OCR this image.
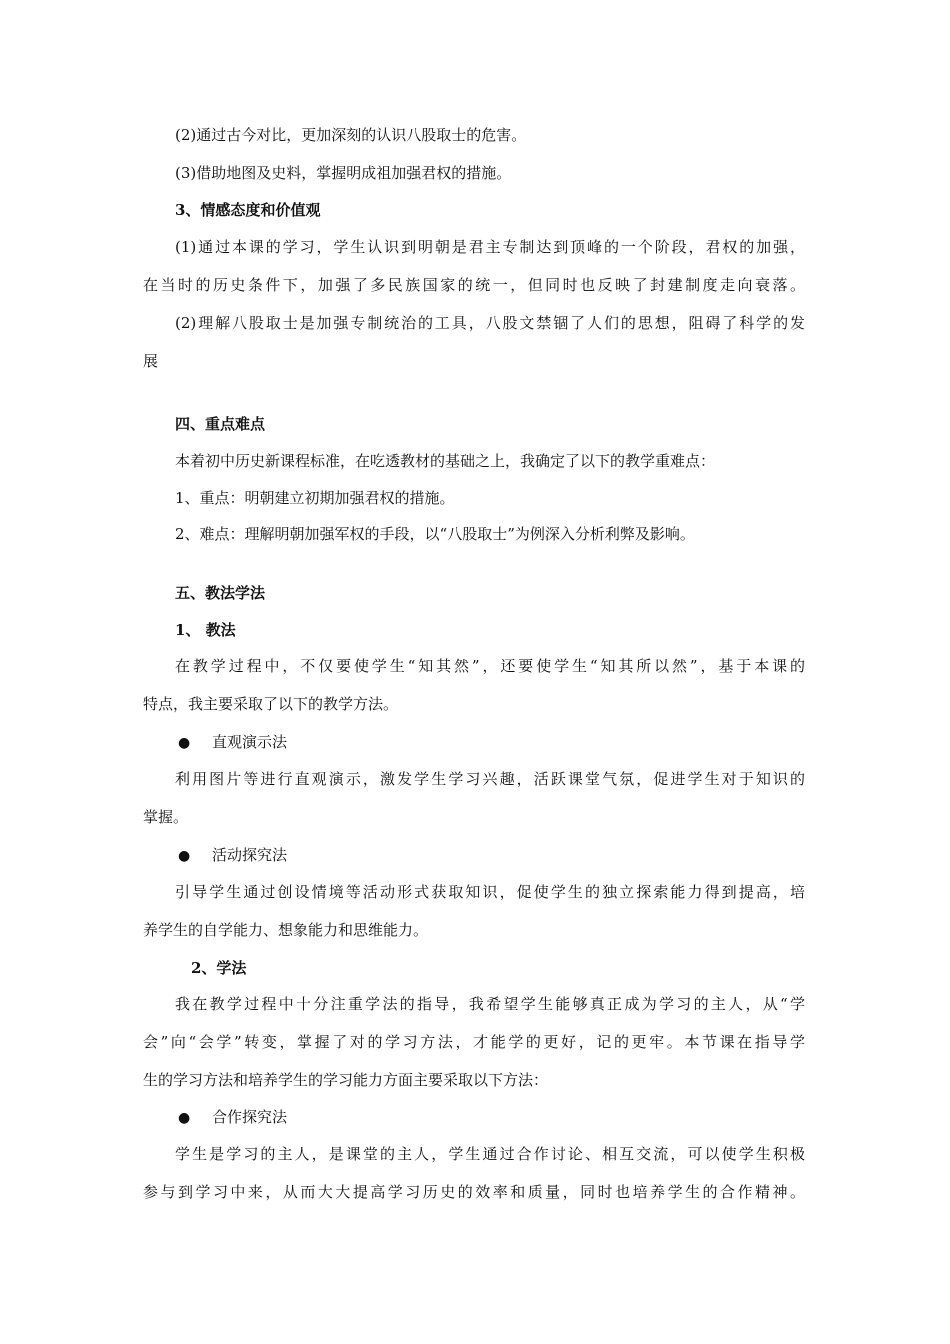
(2)通过古今对比，更加深刻的认识八股取士的危害。
(3)借助地图及史料，掌握明成祖加强君权的措施。
3、情感态度和价值观
(1)通过本课的学习，学生认识到明朝是君主专制达到顶峰的一个阶段，君权的加强，
在当时的历史条件下，加强了多民族国家的统一，但同时也反映了封建制度走向衰落。
(2)理解八股取士是加强专制统治的工具，八股文禁锢了人们的思想，阻碍了科学的发
展
四、重点难点
本着初中历史新课程标准，在吃透教材的基础之上，我确定了以下的教学重难点：
1、重点：明朝建立初期加强君权的措施。
2、难点：理解明朝加强军权的手段，以“八股取士”为例深入分析利弊及影响。
五、教法学法
1、 教法
在教学过程中，不仅要使学生“知其然”，还要使学生“知其所以然”，基于本课的
特点，我主要采取了以下的教学方法。
● 直观演示法
利用图片等进行直观演示，激发学生学习兴趣，活跃课堂气氛，促进学生对于知识的
掌握。
● 活动探究法
引导学生通过创设情境等活动形式获取知识，促使学生的独立探索能力得到提高，培
养学生的自学能力、想象能力和思维能力。
2、学法
我在教学过程中十分注重学法的指导，我希望学生能够真正成为学习的主人，从“学
会”向“会学”转变，掌握了对的学习方法，才能学的更好，记的更牢。本节课在指导学
生的学习方法和培养学生的学习能力方面主要采取以下方法：
● 合作探究法
学生是学习的主人，是课堂的主人，学生通过合作讨论、相互交流，可以使学生积极
参与到学习中来，从而大大提高学习历史的效率和质量，同时也培养学生的合作精神。
